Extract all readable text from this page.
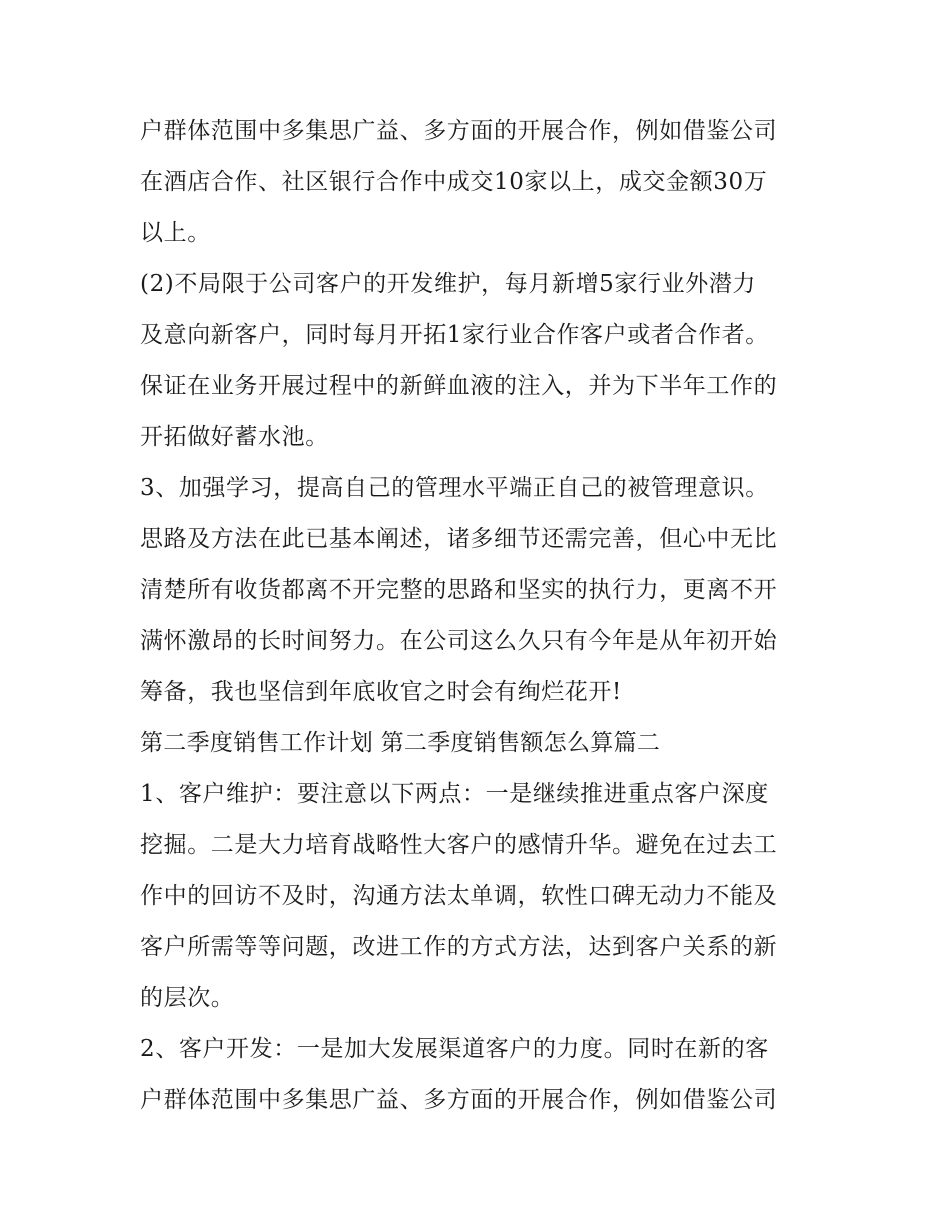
户群体范围中多集思广益、多方面的开展合作，例如借鉴公司
在酒店合作、社区银行合作中成交10家以上，成交金额30万
以上。
(2)不局限于公司客户的开发维护，每月新增5家行业外潜力
及意向新客户，同时每月开拓1家行业合作客户或者合作者。
保证在业务开展过程中的新鲜血液的注入，并为下半年工作的
开拓做好蓄水池。
3、加强学习，提高自己的管理水平端正自己的被管理意识。
思路及方法在此已基本阐述，诸多细节还需完善，但心中无比
清楚所有收货都离不开完整的思路和坚实的执行力，更离不开
满怀激昂的长时间努力。在公司这么久只有今年是从年初开始
筹备，我也坚信到年底收官之时会有绚烂花开!
第二季度销售工作计划 第二季度销售额怎么算篇二
1、客户维护：要注意以下两点：一是继续推进重点客户深度
挖掘。二是大力培育战略性大客户的感情升华。避免在过去工
作中的回访不及时，沟通方法太单调，软性口碑无动力不能及
客户所需等等问题，改进工作的方式方法，达到客户关系的新
的层次。
2、客户开发：一是加大发展渠道客户的力度。同时在新的客
户群体范围中多集思广益、多方面的开展合作，例如借鉴公司
